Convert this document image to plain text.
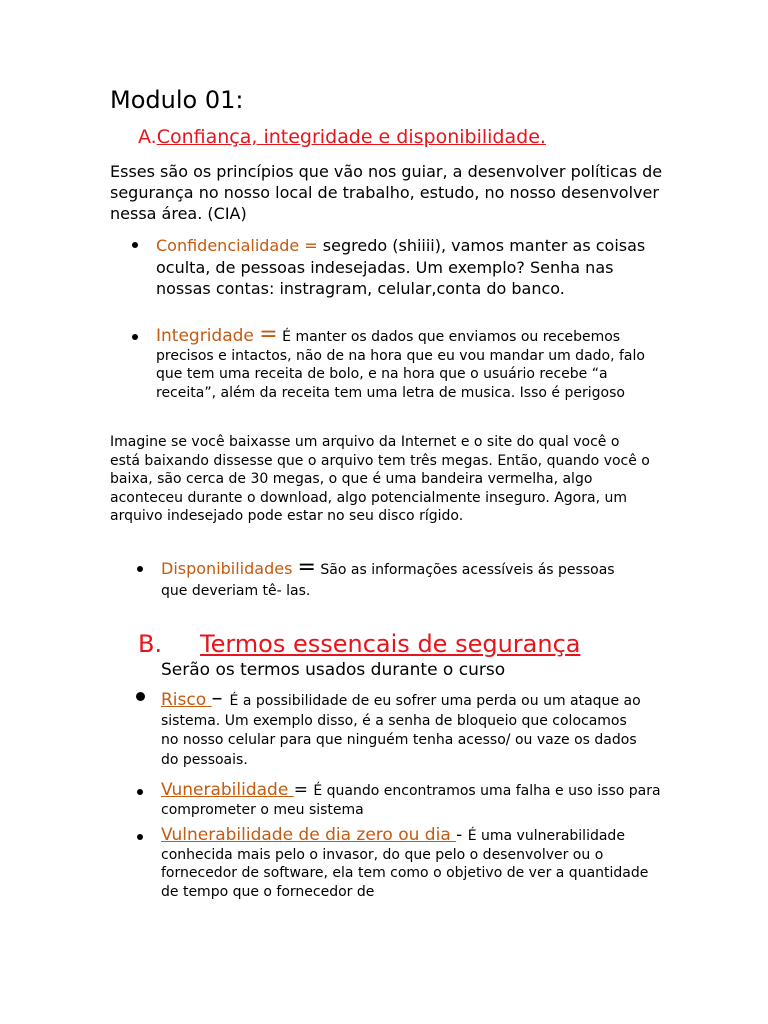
Modulo 01:
A.Confiança, integridade e disponibilidade.
Esses são os princípios que vão nos guiar, a desenvolver políticas de segurança no nosso local de trabalho, estudo, no nosso desenvolver nessa área. (CIA)
Confidencialidade = segredo (shiiii), vamos manter as coisas oculta, de pessoas indesejadas. Um exemplo? Senha nas nossas contas: instragram, celular,conta do banco.
Integridade = É manter os dados que enviamos ou recebemos precisos e intactos, não de na hora que eu vou mandar um dado, falo que tem uma receita de bolo, e na hora que o usuário recebe “a receita”, além da receita tem uma letra de musica. Isso é perigoso
Imagine se você baixasse um arquivo da Internet e o site do qual você o está baixando dissesse que o arquivo tem três megas. Então, quando você o baixa, são cerca de 30 megas, o que é uma bandeira vermelha, algo aconteceu durante o download, algo potencialmente inseguro. Agora, um arquivo indesejado pode estar no seu disco rígido.
Disponibilidades = São as informações acessíveis ás pessoas que deveriam tê- las.
B. Termos essencais de segurança
Serão os termos usados durante o curso
Risco – É a possibilidade de eu sofrer uma perda ou um ataque ao sistema. Um exemplo disso, é a senha de bloqueio que colocamos no nosso celular para que ninguém tenha acesso/ ou vaze os dados do pessoais.
Vunerabilidade = É quando encontramos uma falha e uso isso para comprometer o meu sistema
Vulnerabilidade de dia zero ou dia - É uma vulnerabilidade conhecida mais pelo o invasor, do que pelo o desenvolver ou o fornecedor de software, ela tem como o objetivo de ver a quantidade de tempo que o fornecedor de
